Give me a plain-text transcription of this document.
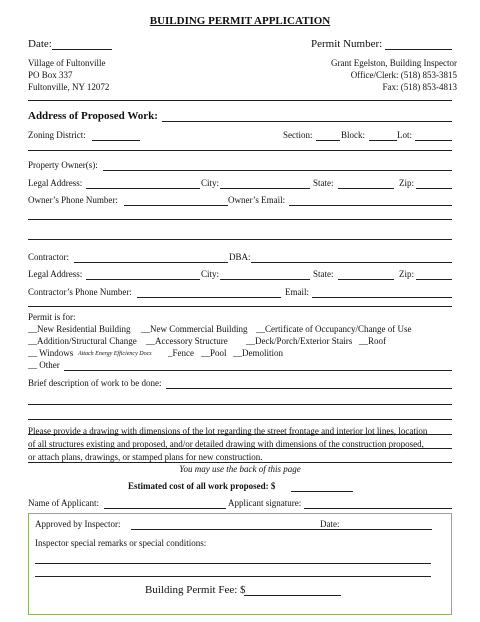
BUILDING PERMIT APPLICATION
Date:	Permit Number:
Village of Fultonville
PO Box 337
Fultonville, NY 12072
Grant Egelston, Building Inspector
Office/Clerk: (518) 853-3815
Fax: (518) 853-4813
Address of Proposed Work:
Zoning District:	Section:	Block:	Lot:
Property Owner(s):
Legal Address:	City:	State:	Zip:
Owner’s Phone Number:	Owner’s Email:
Contractor:	DBA:
Legal Address:	City:	State:	Zip:
Contractor’s Phone Number:	Email:
Permit is for:
__New Residential Building __New Commercial Building __Certificate of Occupancy/Change of Use
__Addition/Structural Change __Accessory Structure __Deck/Porch/Exterior Stairs __Roof
__ Windows Attach Energy Efficiency Docs _Fence __Pool __Demolition
__ Other
Brief description of work to be done:
Please provide a drawing with dimensions of the lot regarding the street frontage and interior lot lines, location
of all structures existing and proposed, and/or detailed drawing with dimensions of the construction proposed,
or attach plans, drawings, or stamped plans for new construction.
You may use the back of this page
Estimated cost of all work proposed: $
Name of Applicant:	Applicant signature:
Approved by Inspector:	Date:
Inspector special remarks or special conditions:
Building Permit Fee: $
